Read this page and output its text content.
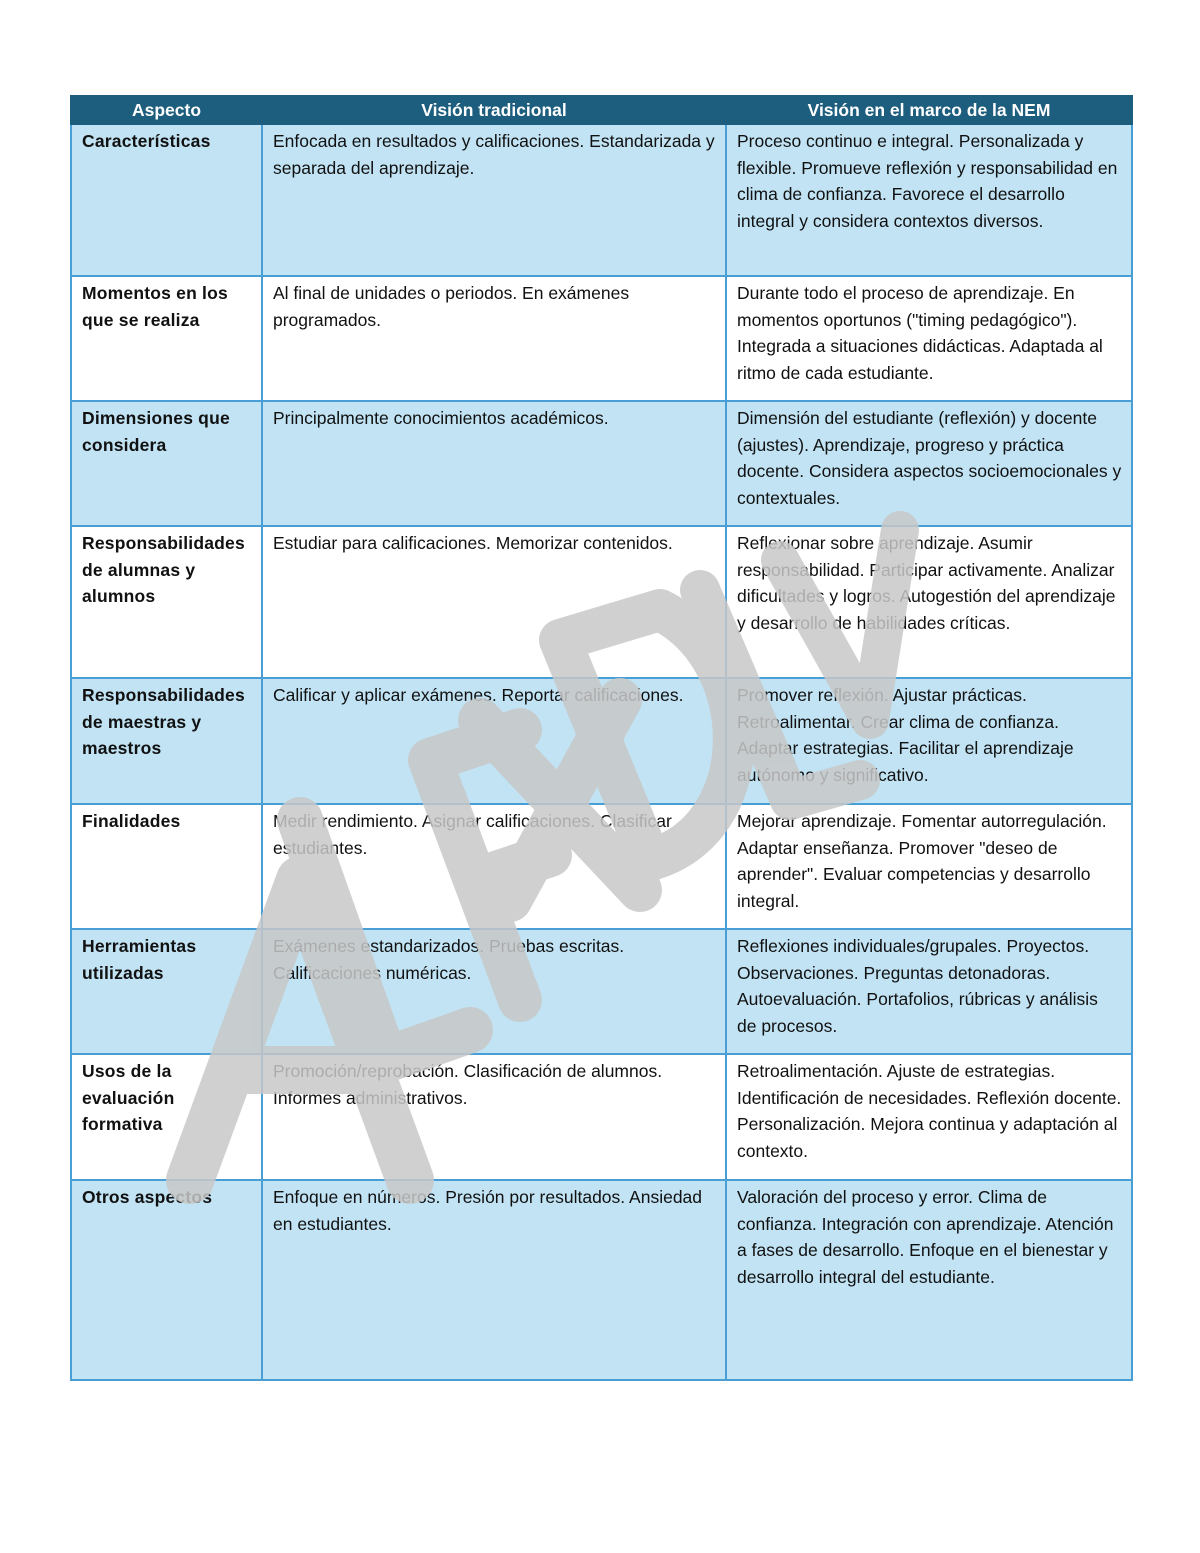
Aspecto	Visión tradicional	Visión en el marco de la NEM
Características	Enfocada en resultados y calificaciones. Estandarizada y separada del aprendizaje.	Proceso continuo e integral. Personalizada y flexible. Promueve reflexión y responsabilidad en clima de confianza. Favorece el desarrollo integral y considera contextos diversos.
Momentos en los que se realiza	Al final de unidades o periodos. En exámenes programados.	Durante todo el proceso de aprendizaje. En momentos oportunos ("timing pedagógico"). Integrada a situaciones didácticas. Adaptada al ritmo de cada estudiante.
Dimensiones que considera	Principalmente conocimientos académicos.	Dimensión del estudiante (reflexión) y docente (ajustes). Aprendizaje, progreso y práctica docente. Considera aspectos socioemocionales y contextuales.
Responsabilidades de alumnas y alumnos	Estudiar para calificaciones. Memorizar contenidos.	Reflexionar sobre aprendizaje. Asumir responsabilidad. Participar activamente. Analizar dificultades y logros. Autogestión del aprendizaje y desarrollo de habilidades críticas.
Responsabilidades de maestras y maestros	Calificar y aplicar exámenes. Reportar calificaciones.	Promover reflexión. Ajustar prácticas. Retroalimentar. Crear clima de confianza. Adaptar estrategias. Facilitar el aprendizaje autónomo y significativo.
Finalidades	Medir rendimiento. Asignar calificaciones. Clasificar estudiantes.	Mejorar aprendizaje. Fomentar autorregulación. Adaptar enseñanza. Promover "deseo de aprender". Evaluar competencias y desarrollo integral.
Herramientas utilizadas	Exámenes estandarizados. Pruebas escritas. Calificaciones numéricas.	Reflexiones individuales/grupales. Proyectos. Observaciones. Preguntas detonadoras. Autoevaluación. Portafolios, rúbricas y análisis de procesos.
Usos de la evaluación formativa	Promoción/reprobación. Clasificación de alumnos. Informes administrativos.	Retroalimentación. Ajuste de estrategias. Identificación de necesidades. Reflexión docente. Personalización. Mejora continua y adaptación al contexto.
Otros aspectos	Enfoque en números. Presión por resultados. Ansiedad en estudiantes.	Valoración del proceso y error. Clima de confianza. Integración con aprendizaje. Atención a fases de desarrollo. Enfoque en el bienestar y desarrollo integral del estudiante.
